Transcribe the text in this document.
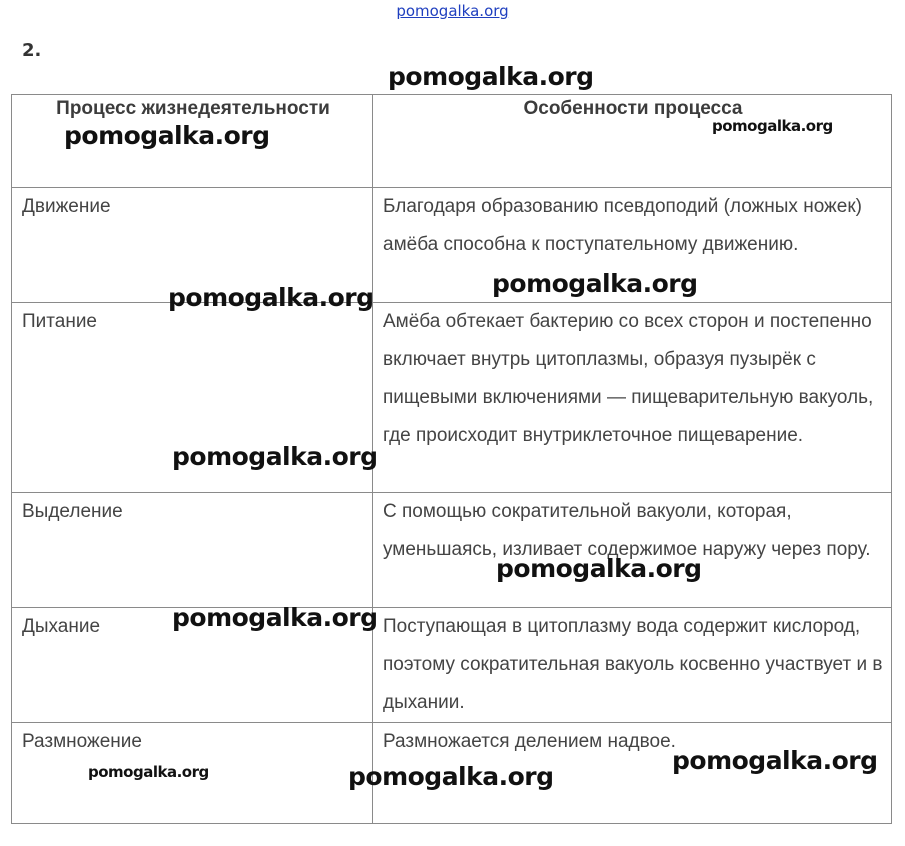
pomogalka.org
2.
Процесс жизнедеятельности	Особенности процесса
Движение	Благодаря образованию псевдоподий (ложных ножек) амёба способна к поступательному движению.
Питание	Амёба обтекает бактерию со всех сторон и постепенно включает внутрь цитоплазмы, образуя пузырёк с пищевыми включениями — пищеварительную вакуоль, где происходит внутриклеточное пищеварение.
Выделение	С помощью сократительной вакуоли, которая, уменьшаясь, изливает содержимое наружу через пору.
Дыхание	Поступающая в цитоплазму вода содержит кислород, поэтому сократительная вакуоль косвенно участвует и в дыхании.
Размножение	Размножается делением надвое.
pomogalka.org
pomogalka.org	pomogalka.org
pomogalka.org
pomogalka.org
pomogalka.org
pomogalka.org
pomogalka.org
pomogalka.org
pomogalka.org	pomogalka.org
